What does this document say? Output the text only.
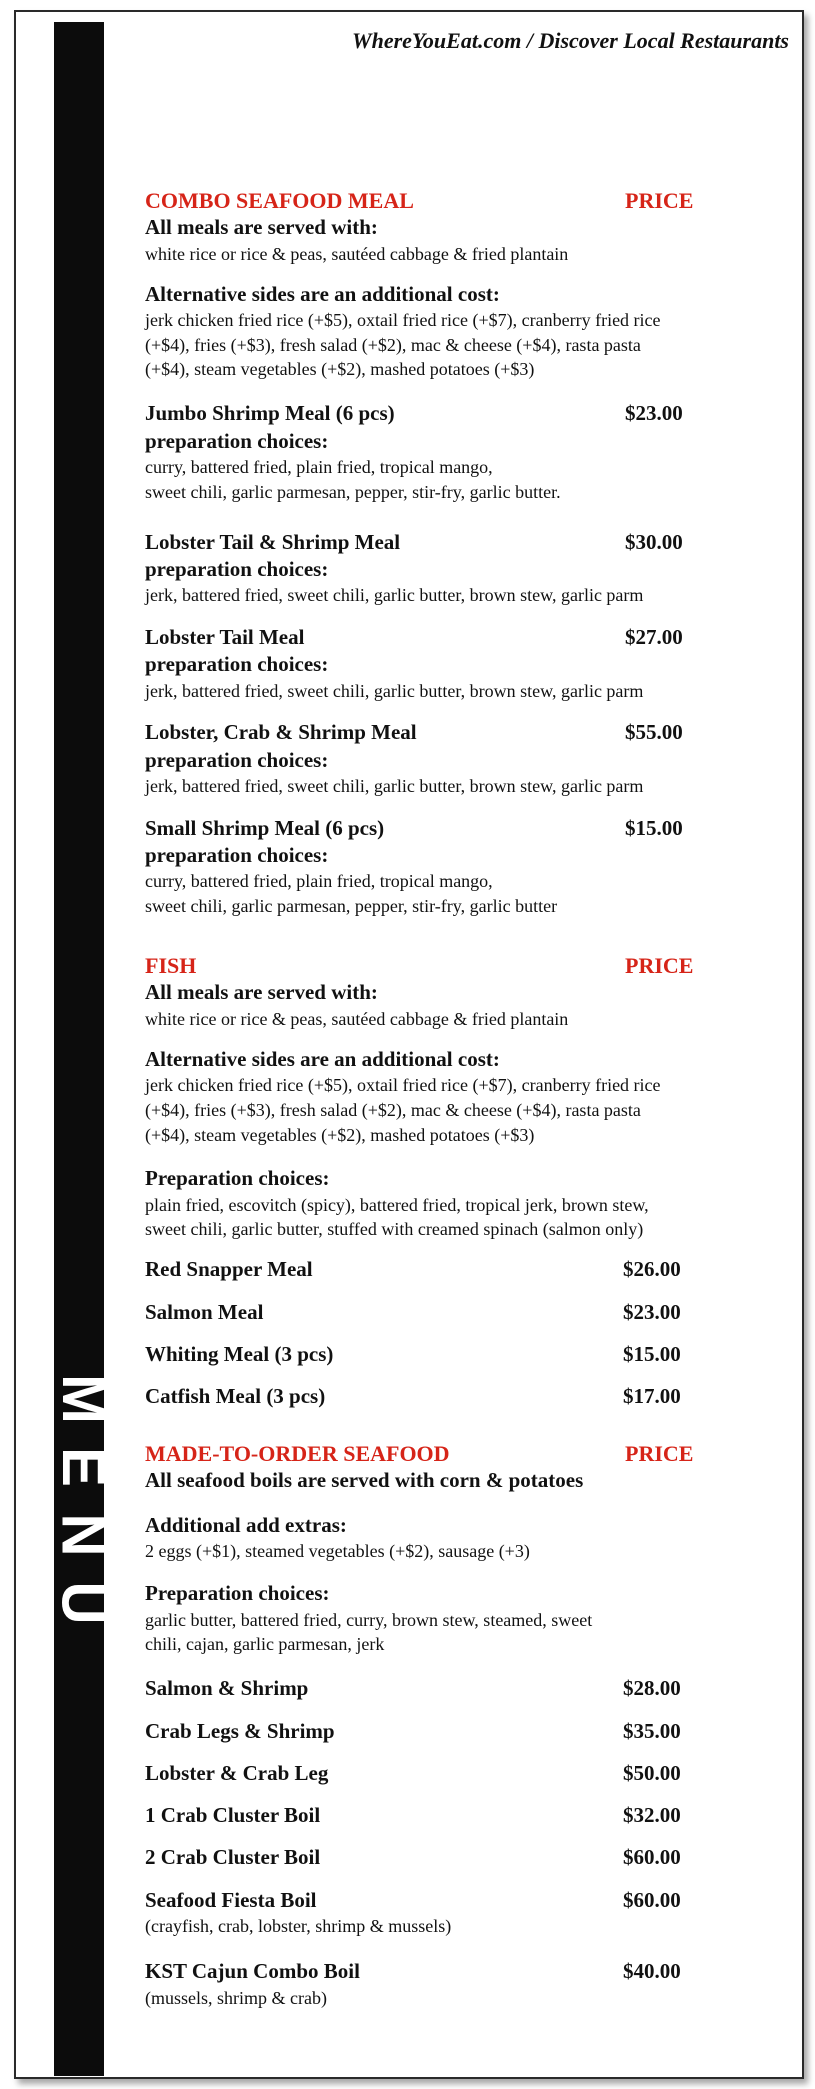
M
E
N
U
WhereYouEat.com / Discover Local Restaurants
COMBO SEAFOOD MEAL	PRICE
All meals are served with:
white rice or rice & peas, sautéed cabbage & fried plantain
Alternative sides are an additional cost:
jerk chicken fried rice (+$5), oxtail fried rice (+$7), cranberry fried rice
(+$4), fries (+$3), fresh salad (+$2), mac & cheese (+$4), rasta pasta
(+$4), steam vegetables (+$2), mashed potatoes (+$3)
Jumbo Shrimp Meal (6 pcs)	$23.00
preparation choices:
curry, battered fried, plain fried, tropical mango,
sweet chili, garlic parmesan, pepper, stir-fry, garlic butter.
Lobster Tail & Shrimp Meal	$30.00
preparation choices:
jerk, battered fried, sweet chili, garlic butter, brown stew, garlic parm
Lobster Tail Meal	$27.00
preparation choices:
jerk, battered fried, sweet chili, garlic butter, brown stew, garlic parm
Lobster, Crab & Shrimp Meal	$55.00
preparation choices:
jerk, battered fried, sweet chili, garlic butter, brown stew, garlic parm
Small Shrimp Meal (6 pcs)	$15.00
preparation choices:
curry, battered fried, plain fried, tropical mango,
sweet chili, garlic parmesan, pepper, stir-fry, garlic butter
FISH	PRICE
All meals are served with:
white rice or rice & peas, sautéed cabbage & fried plantain
Alternative sides are an additional cost:
jerk chicken fried rice (+$5), oxtail fried rice (+$7), cranberry fried rice
(+$4), fries (+$3), fresh salad (+$2), mac & cheese (+$4), rasta pasta
(+$4), steam vegetables (+$2), mashed potatoes (+$3)
Preparation choices:
plain fried, escovitch (spicy), battered fried, tropical jerk, brown stew,
sweet chili, garlic butter, stuffed with creamed spinach (salmon only)
Red Snapper Meal	$26.00
Salmon Meal	$23.00
Whiting Meal (3 pcs)	$15.00
Catfish Meal (3 pcs)	$17.00
MADE-TO-ORDER SEAFOOD	PRICE
All seafood boils are served with corn & potatoes
Additional add extras:
2 eggs (+$1), steamed vegetables (+$2), sausage (+3)
Preparation choices:
garlic butter, battered fried, curry, brown stew, steamed, sweet
chili, cajan, garlic parmesan, jerk
Salmon & Shrimp	$28.00
Crab Legs & Shrimp	$35.00
Lobster & Crab Leg	$50.00
1 Crab Cluster Boil	$32.00
2 Crab Cluster Boil	$60.00
Seafood Fiesta Boil	$60.00
(crayfish, crab, lobster, shrimp & mussels)
KST Cajun Combo Boil	$40.00
(mussels, shrimp & crab)
